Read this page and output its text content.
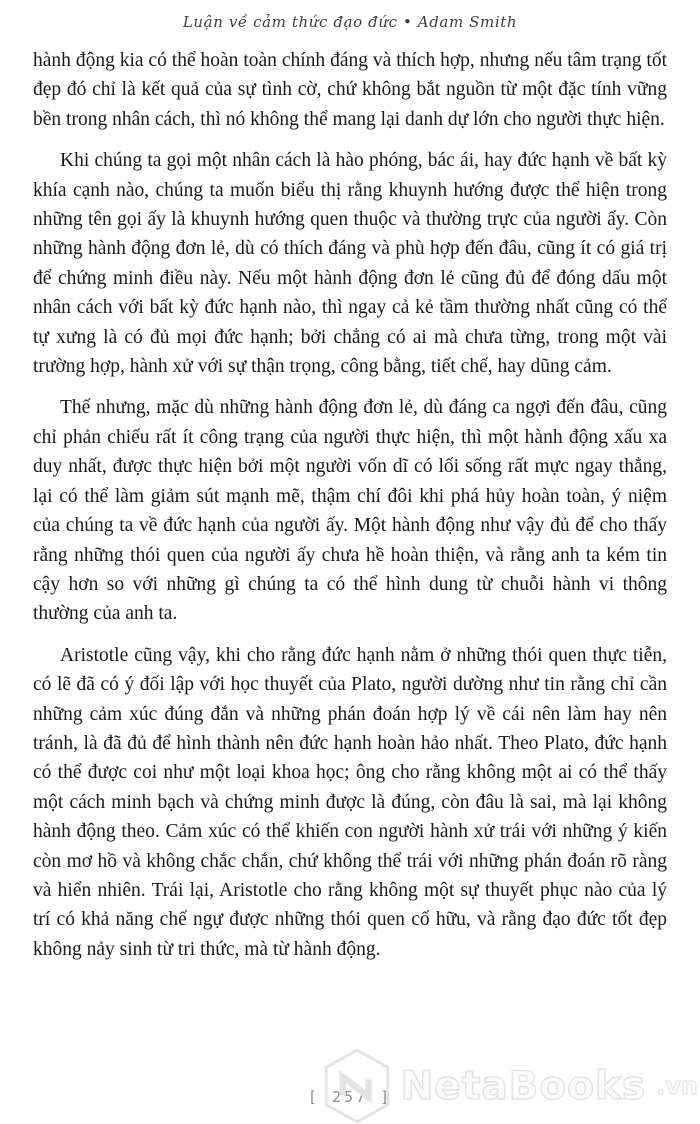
Luận về cảm thức đạo đức • Adam Smith

hành động kia có thể hoàn toàn chính đáng và thích hợp, nhưng nếu tâm trạng tốt đẹp đó chỉ là kết quả của sự tình cờ, chứ không bắt nguồn từ một đặc tính vững bền trong nhân cách, thì nó không thể mang lại danh dự lớn cho người thực hiện.

Khi chúng ta gọi một nhân cách là hào phóng, bác ái, hay đức hạnh về bất kỳ khía cạnh nào, chúng ta muốn biểu thị rằng khuynh hướng được thể hiện trong những tên gọi ấy là khuynh hướng quen thuộc và thường trực của người ấy. Còn những hành động đơn lẻ, dù có thích đáng và phù hợp đến đâu, cũng ít có giá trị để chứng minh điều này. Nếu một hành động đơn lẻ cũng đủ để đóng dấu một nhân cách với bất kỳ đức hạnh nào, thì ngay cả kẻ tầm thường nhất cũng có thể tự xưng là có đủ mọi đức hạnh; bởi chẳng có ai mà chưa từng, trong một vài trường hợp, hành xử với sự thận trọng, công bằng, tiết chế, hay dũng cảm.

Thế nhưng, mặc dù những hành động đơn lẻ, dù đáng ca ngợi đến đâu, cũng chỉ phản chiếu rất ít công trạng của người thực hiện, thì một hành động xấu xa duy nhất, được thực hiện bởi một người vốn dĩ có lối sống rất mực ngay thẳng, lại có thể làm giảm sút mạnh mẽ, thậm chí đôi khi phá hủy hoàn toàn, ý niệm của chúng ta về đức hạnh của người ấy. Một hành động như vậy đủ để cho thấy rằng những thói quen của người ấy chưa hề hoàn thiện, và rằng anh ta kém tin cậy hơn so với những gì chúng ta có thể hình dung từ chuỗi hành vi thông thường của anh ta.

Aristotle cũng vậy, khi cho rằng đức hạnh nằm ở những thói quen thực tiễn, có lẽ đã có ý đối lập với học thuyết của Plato, người dường như tin rằng chỉ cần những cảm xúc đúng đắn và những phán đoán hợp lý về cái nên làm hay nên tránh, là đã đủ để hình thành nên đức hạnh hoàn hảo nhất. Theo Plato, đức hạnh có thể được coi như một loại khoa học; ông cho rằng không một ai có thể thấy một cách minh bạch và chứng minh được là đúng, còn đâu là sai, mà lại không hành động theo. Cảm xúc có thể khiến con người hành xử trái với những ý kiến còn mơ hồ và không chắc chắn, chứ không thể trái với những phán đoán rõ ràng và hiển nhiên. Trái lại, Aristotle cho rằng không một sự thuyết phục nào của lý trí có khả năng chế ngự được những thói quen cố hữu, và rằng đạo đức tốt đẹp không nảy sinh từ tri thức, mà từ hành động.

[ 257 ] NetaBooks .vn
